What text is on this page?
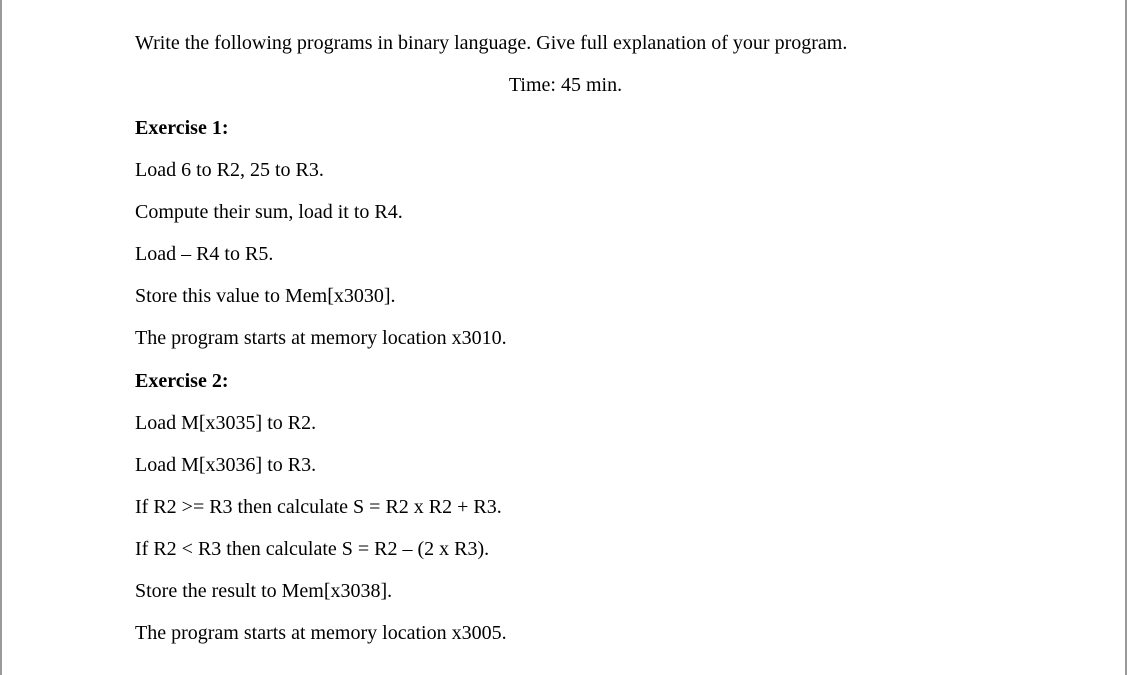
Write the following programs in binary language. Give full explanation of your program.
Time: 45 min.
Exercise 1:
Load 6 to R2, 25 to R3.
Compute their sum, load it to R4.
Load – R4 to R5.
Store this value to Mem[x3030].
The program starts at memory location x3010.
Exercise 2:
Load M[x3035] to R2.
Load M[x3036] to R3.
If R2 >= R3 then calculate S = R2 x R2 + R3.
If R2 < R3 then calculate S = R2 – (2 x R3).
Store the result to Mem[x3038].
The program starts at memory location x3005.
